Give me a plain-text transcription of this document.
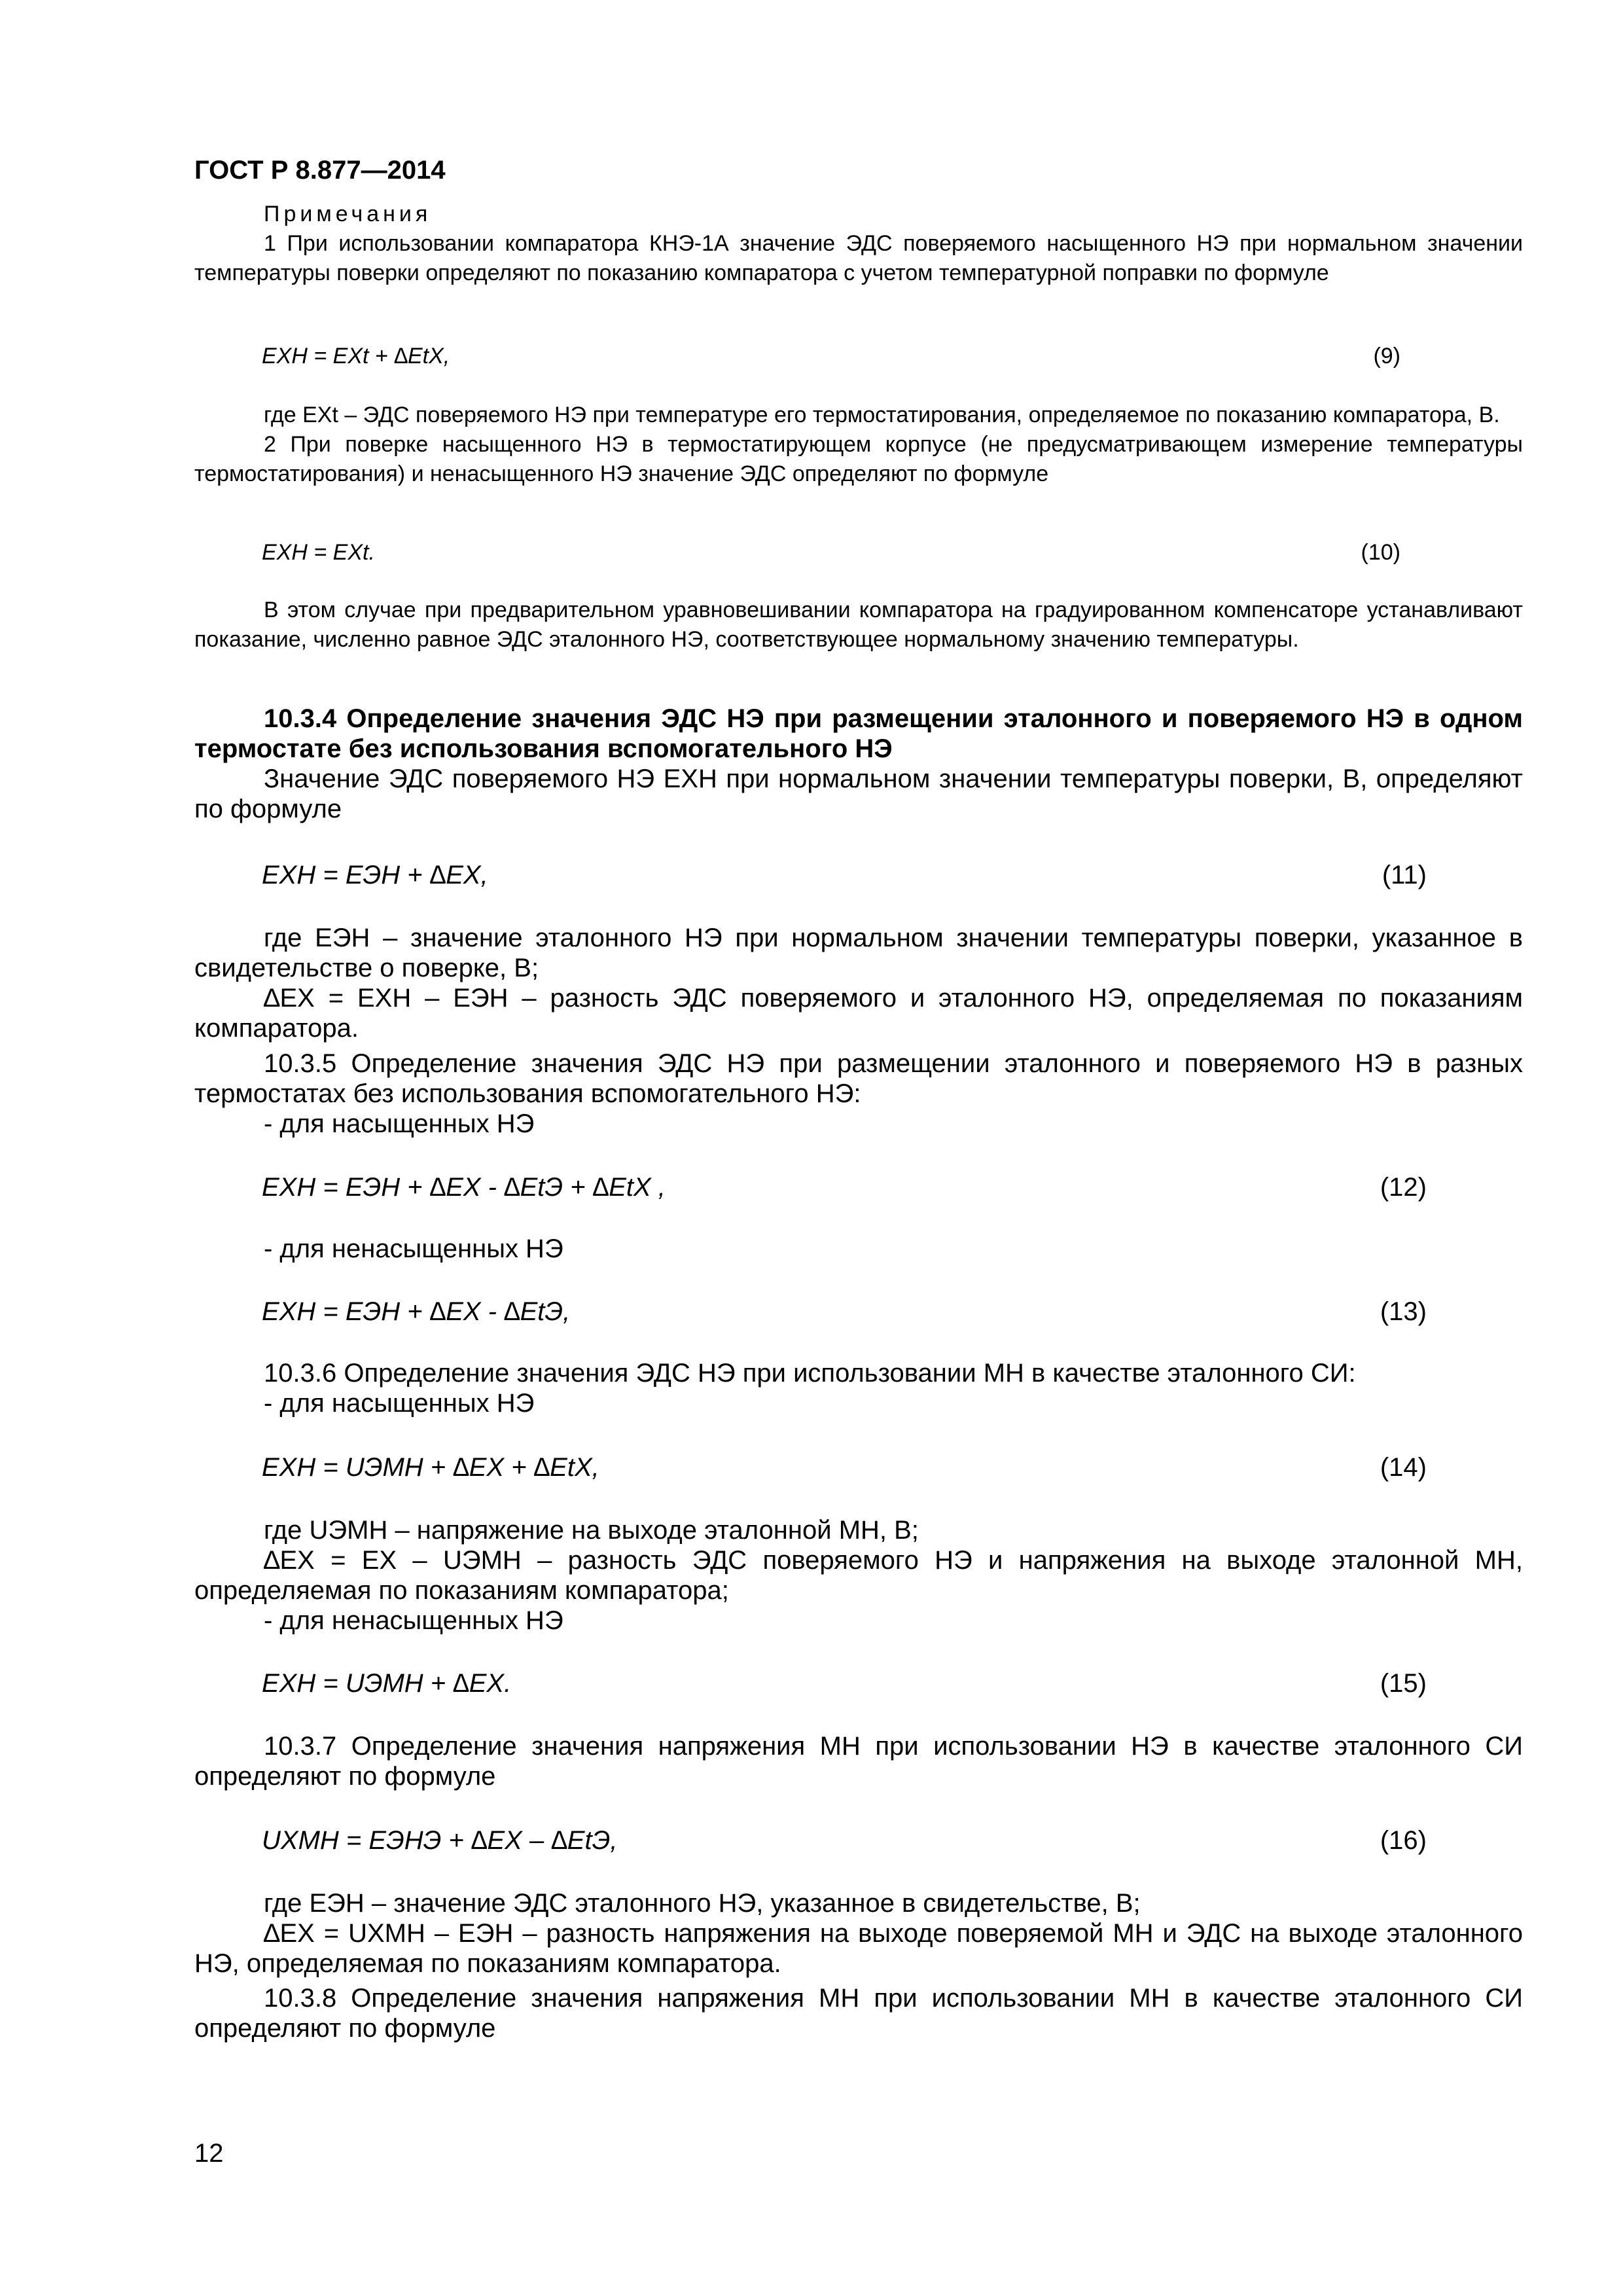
ГОСТ Р 8.877—2014

Примечания

1 При использовании компаратора КНЭ-1А значение ЭДС поверяемого насыщенного НЭ при нормальном значении температуры поверки определяют по показанию компаратора с учетом температурной поправки по формуле

EXН = EXt + ∆EtX,	(9)

где EXt – ЭДС поверяемого НЭ при температуре его термостатирования, определяемое по показанию компаратора, В.

2 При поверке насыщенного НЭ в термостатирующем корпусе (не предусматривающем измерение температуры термостатирования) и ненасыщенного НЭ значение ЭДС определяют по формуле

EXН = EXt.	(10)

В этом случае при предварительном уравновешивании компаратора на градуированном компенсаторе устанавливают показание, численно равное ЭДС эталонного НЭ, соответствующее нормальному значению температуры.

10.3.4 Определение значения ЭДС НЭ при размещении эталонного и поверяемого НЭ в одном термостате без использования вспомогательного НЭ

Значение ЭДС поверяемого НЭ EXН при нормальном значении температуры поверки, В, определяют по формуле

EXН = EЭН + ∆EX,	(11)

где EЭН – значение эталонного НЭ при нормальном значении температуры поверки, указанное в свидетельстве о поверке, В;

∆EX = EXН – EЭН – разность ЭДС поверяемого и эталонного НЭ, определяемая по показаниям компаратора.

10.3.5 Определение значения ЭДС НЭ при размещении эталонного и поверяемого НЭ в разных термостатах без использования вспомогательного НЭ:

- для насыщенных НЭ

EXН = EЭН + ∆EX - ∆EtЭ + ∆EtX ,	(12)

- для ненасыщенных НЭ

EXН = EЭН + ∆EX - ∆EtЭ,	(13)

10.3.6 Определение значения ЭДС НЭ при использовании МН в качестве эталонного СИ:

- для насыщенных НЭ

EXН = UЭМН + ∆EX + ∆EtX,	(14)

где UЭМН – напряжение на выходе эталонной МН, В;

∆EX = EX – UЭМН – разность ЭДС поверяемого НЭ и напряжения на выходе эталонной МН, определяемая по показаниям компаратора;

- для ненасыщенных НЭ

EXН = UЭМН + ∆EX.	(15)

10.3.7 Определение значения напряжения МН при использовании НЭ в качестве эталонного СИ определяют по формуле

UXМН = EЭНЭ + ∆EX – ∆EtЭ,	(16)

где EЭН – значение ЭДС эталонного НЭ, указанное в свидетельстве, В;

∆EX = UXМН – EЭН – разность напряжения на выходе поверяемой МН и ЭДС на выходе эталонного НЭ, определяемая по показаниям компаратора.

10.3.8 Определение значения напряжения МН при использовании МН в качестве эталонного СИ определяют по формуле

12
